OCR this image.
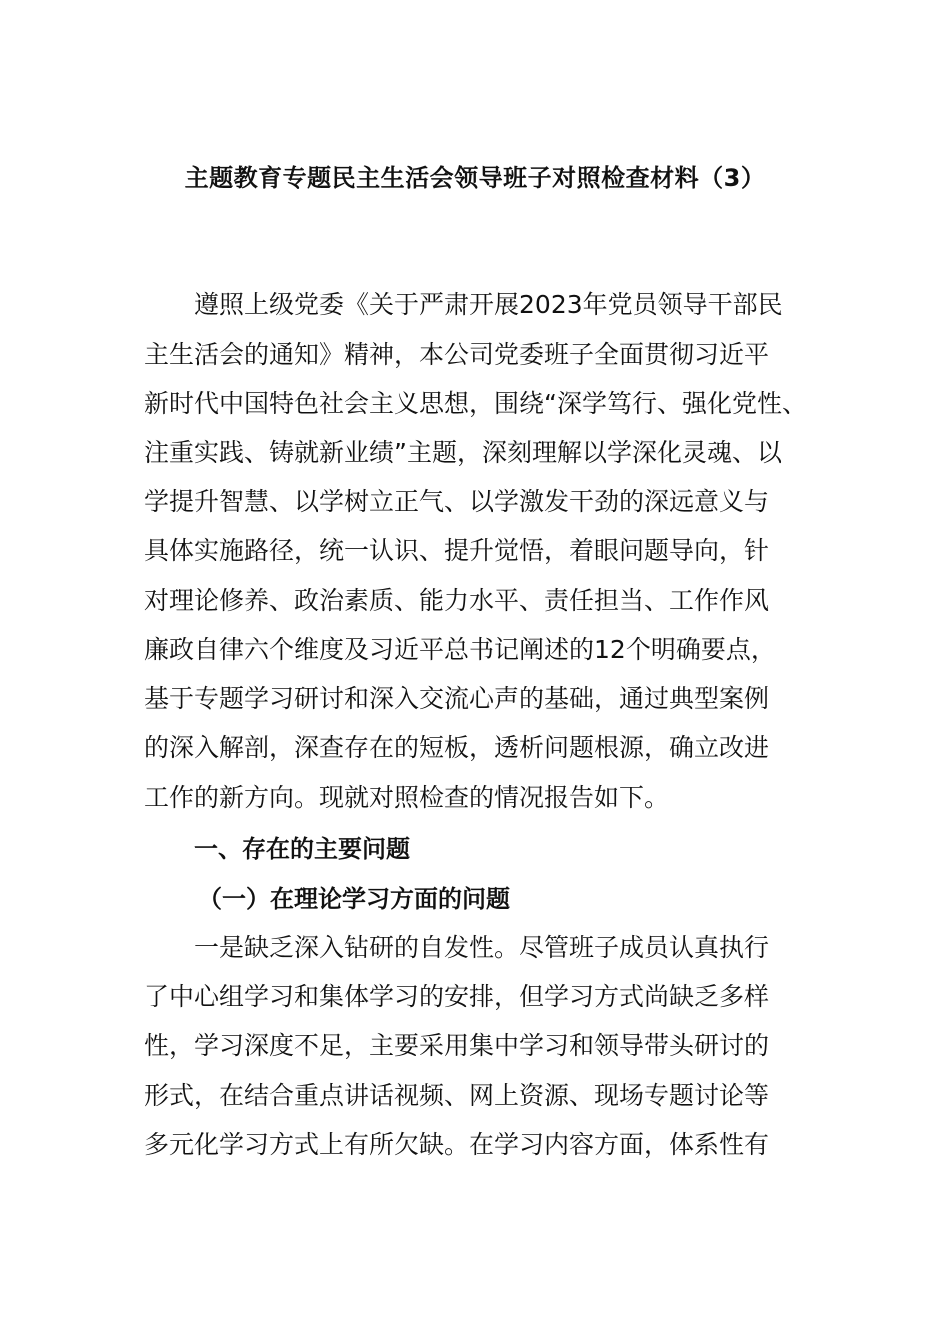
主题教育专题民主生活会领导班子对照检查材料（3）
遵照上级党委《关于严肃开展2023年党员领导干部民
主生活会的通知》精神，本公司党委班子全面贯彻习近平
新时代中国特色社会主义思想，围绕“深学笃行、强化党性、
注重实践、铸就新业绩”主题，深刻理解以学深化灵魂、以
学提升智慧、以学树立正气、以学激发干劲的深远意义与
具体实施路径，统一认识、提升觉悟，着眼问题导向，针
对理论修养、政治素质、能力水平、责任担当、工作作风
廉政自律六个维度及习近平总书记阐述的12个明确要点，
基于专题学习研讨和深入交流心声的基础，通过典型案例
的深入解剖，深查存在的短板，透析问题根源，确立改进
工作的新方向。现就对照检查的情况报告如下。
一、存在的主要问题
（一）在理论学习方面的问题
一是缺乏深入钻研的自发性。尽管班子成员认真执行
了中心组学习和集体学习的安排，但学习方式尚缺乏多样
性，学习深度不足，主要采用集中学习和领导带头研讨的
形式，在结合重点讲话视频、网上资源、现场专题讨论等
多元化学习方式上有所欠缺。在学习内容方面，体系性有
